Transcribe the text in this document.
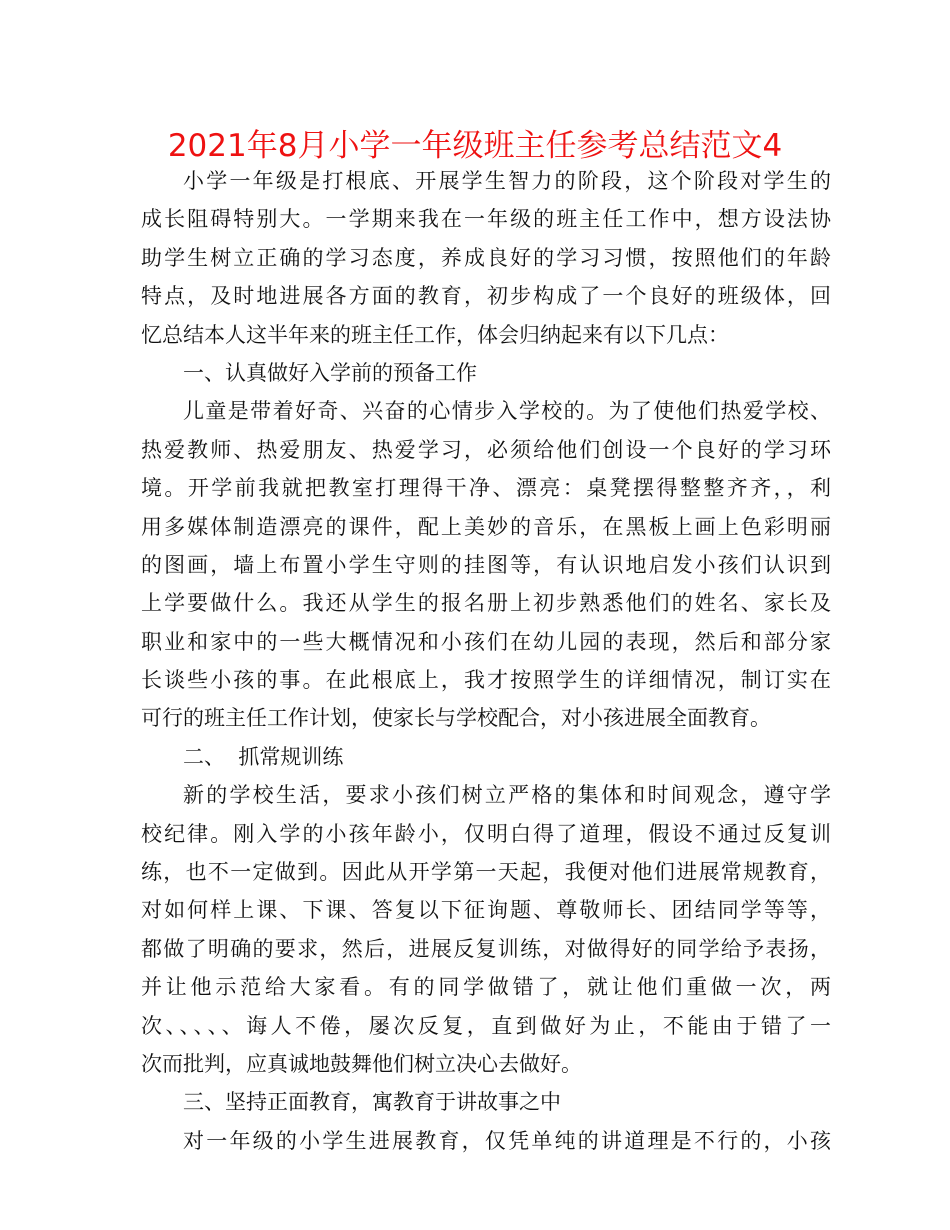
2021年8月小学一年级班主任参考总结范文4
小学一年级是打根底、开展学生智力的阶段，这个阶段对学生的
成长阻碍特别大。一学期来我在一年级的班主任工作中，想方设法协
助学生树立正确的学习态度，养成良好的学习习惯，按照他们的年龄
特点，及时地进展各方面的教育，初步构成了一个良好的班级体，回
忆总结本人这半年来的班主任工作，体会归纳起来有以下几点：
一、认真做好入学前的预备工作
儿童是带着好奇、兴奋的心情步入学校的。为了使他们热爱学校、
热爱教师、热爱朋友、热爱学习，必须给他们创设一个良好的学习环
境。开学前我就把教室打理得干净、漂亮：桌凳摆得整整齐齐，，利
用多媒体制造漂亮的课件，配上美妙的音乐，在黑板上画上色彩明丽
的图画，墙上布置小学生守则的挂图等，有认识地启发小孩们认识到
上学要做什么。我还从学生的报名册上初步熟悉他们的姓名、家长及
职业和家中的一些大概情况和小孩们在幼儿园的表现，然后和部分家
长谈些小孩的事。在此根底上，我才按照学生的详细情况，制订实在
可行的班主任工作计划，使家长与学校配合，对小孩进展全面教育。
二、  抓常规训练
新的学校生活，要求小孩们树立严格的集体和时间观念，遵守学
校纪律。刚入学的小孩年龄小，仅明白得了道理，假设不通过反复训
练，也不一定做到。因此从开学第一天起，我便对他们进展常规教育，
对如何样上课、下课、答复以下征询题、尊敬师长、团结同学等等，
都做了明确的要求，然后，进展反复训练，对做得好的同学给予表扬，
并让他示范给大家看。有的同学做错了，就让他们重做一次，两
次、、、、、诲人不倦，屡次反复，直到做好为止，不能由于错了一
次而批判，应真诚地鼓舞他们树立决心去做好。
三、坚持正面教育，寓教育于讲故事之中
对一年级的小学生进展教育，仅凭单纯的讲道理是不行的，小孩
